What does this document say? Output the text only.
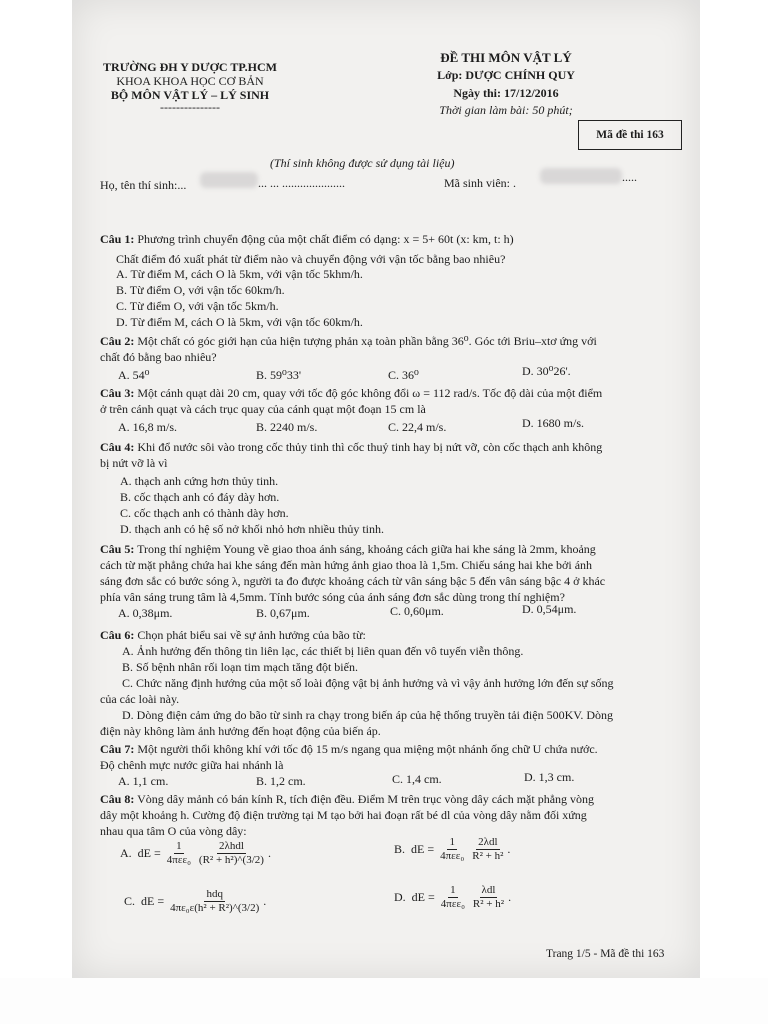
TRƯỜNG ĐH Y DƯỢC TP.HCM
KHOA KHOA HỌC CƠ BẢN
BỘ MÔN VẬT LÝ – LÝ SINH
---------------
ĐỀ THI MÔN VẬT LÝ
Lớp: DƯỢC CHÍNH QUY
Ngày thi: 17/12/2016
Thời gian làm bài: 50 phút;
Mã đề thi 163
(Thí sinh không được sử dụng tài liệu)
Họ, tên thí sinh:...	... ... .....................	Mã sinh viên: .	.....
Câu 1: Phương trình chuyển động của một chất điểm có dạng: x = 5+ 60t (x: km, t: h)
Chất điểm đó xuất phát từ điểm nào và chuyển động với vận tốc bằng bao nhiêu?
A. Từ điểm M, cách O là 5km, với vận tốc 5khm/h.
B. Từ điểm O, với vận tốc 60km/h.
C. Từ điểm O, với vận tốc 5km/h.
D. Từ điểm M, cách O là 5km, với vận tốc 60km/h.
Câu 2: Một chất có góc giới hạn của hiện tượng phản xạ toàn phần bằng 36⁰. Góc tới Briu–xtơ ứng với
chất đó bằng bao nhiêu?
A. 54⁰	B. 59⁰33'	C. 36⁰	D. 30⁰26'.
Câu 3: Một cánh quạt dài 20 cm, quay với tốc độ góc không đổi ω = 112 rad/s. Tốc độ dài của một điểm
ở trên cánh quạt và cách trục quay của cánh quạt một đoạn 15 cm là
A. 16,8 m/s.	B. 2240 m/s.	C. 22,4 m/s.	D. 1680 m/s.
Câu 4: Khi đổ nước sôi vào trong cốc thủy tinh thì cốc thuỷ tinh hay bị nứt vỡ, còn cốc thạch anh không
bị nứt vỡ là vì
A. thạch anh cứng hơn thủy tinh.
B. cốc thạch anh có đáy dày hơn.
C. cốc thạch anh có thành dày hơn.
D. thạch anh có hệ số nở khối nhỏ hơn nhiều thủy tinh.
Câu 5: Trong thí nghiệm Young về giao thoa ánh sáng, khoảng cách giữa hai khe sáng là 2mm, khoảng
cách từ mặt phẳng chứa hai khe sáng đến màn hứng ảnh giao thoa là 1,5m. Chiếu sáng hai khe bởi ánh
sáng đơn sắc có bước sóng λ, người ta đo được khoảng cách từ vân sáng bậc 5 đến vân sáng bậc 4 ở khác
phía vân sáng trung tâm là 4,5mm. Tính bước sóng của ánh sáng đơn sắc dùng trong thí nghiệm?
A. 0,38μm.	B. 0,67μm.	C. 0,60μm.	D. 0,54μm.
Câu 6: Chọn phát biểu sai về sự ảnh hưởng của bão từ:
A. Ảnh hưởng đến thông tin liên lạc, các thiết bị liên quan đến vô tuyến viễn thông.
B. Số bệnh nhân rối loạn tim mạch tăng đột biến.
C. Chức năng định hướng của một số loài động vật bị ảnh hưởng và vì vậy ảnh hưởng lớn đến sự sống
của các loài này.
D. Dòng điện cảm ứng do bão từ sinh ra chạy trong biến áp của hệ thống truyền tải điện 500KV. Dòng
điện này không làm ảnh hưởng đến hoạt động của biến áp.
Câu 7: Một người thổi không khí với tốc độ 15 m/s ngang qua miệng một nhánh ống chữ U chứa nước.
Độ chênh mực nước giữa hai nhánh là
A. 1,1 cm.	B. 1,2 cm.	C. 1,4 cm.	D. 1,3 cm.
Câu 8: Vòng dây mảnh có bán kính R, tích điện đều. Điểm M trên trục vòng dây cách mặt phẳng vòng
dây một khoảng h. Cường độ điện trường tại M tạo bởi hai đoạn rất bé dl của vòng dây nằm đối xứng
nhau qua tâm O của vòng dây:
A. dE = $\frac{1}{\text{4πεε₀}} \frac{\text{2λhdl}}{\text{(R² + h²)\textasciicircum{}(3/2)}}$ .	B. dE = $\frac{1}{\text{4πεε₀}} \frac{\text{2λdl}}{\text{R² + h²}}$ .
C. dE = $\frac{\text{hdq}}{\text{4πε₀ε(h² + R²)\textasciicircum{}(3/2)}}$ .	D. dE = $\frac{1}{\text{4πεε₀}} \frac{\text{λdl}}{\text{R² + h²}}$ .
Trang 1/5 - Mã đề thi 163
